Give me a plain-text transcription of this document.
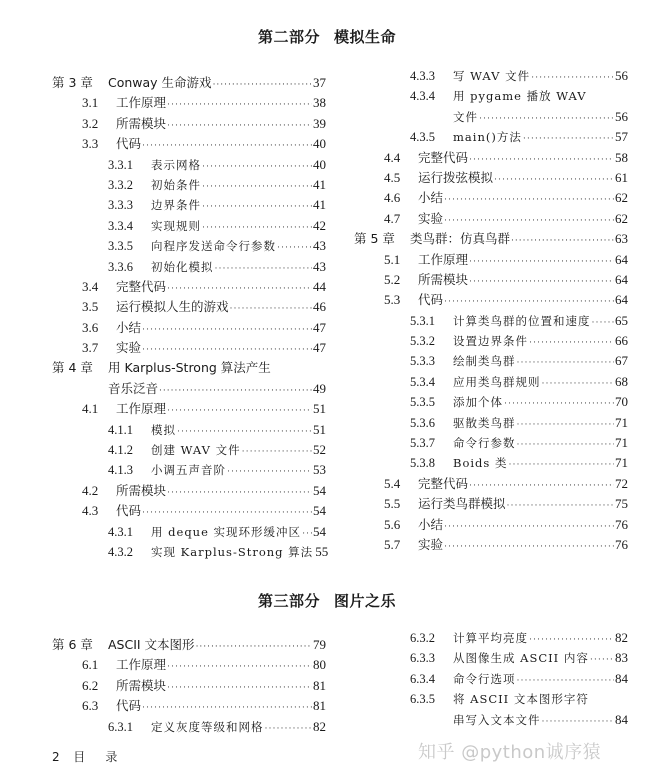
第二部分 模拟生命
第 3 章	Conway 生命游戏 ·····	37
3.1	工作原理 ·····	38
3.2	所需模块 ·····	39
3.3	代码 ·····	40
3.3.1	表示网格 ·····	40
3.3.2	初始条件 ·····	41
3.3.3	边界条件 ·····	41
3.3.4	实现规则 ·····	42
3.3.5	向程序发送命令行参数 ·····	43
3.3.6	初始化模拟 ·····	43
3.4	完整代码 ·····	44
3.5	运行模拟人生的游戏 ·····	46
3.6	小结 ·····	47
3.7	实验 ·····	47
第 4 章	用 Karplus-Strong 算法产生
音乐泛音 ·····	49
4.1	工作原理 ·····	51
4.1.1	模拟 ·····	51
4.1.2	创建 WAV 文件 ·····	52
4.1.3	小调五声音阶 ·····	53
4.2	所需模块 ·····	54
4.3	代码 ·····	54
4.3.1	用 deque 实现环形缓冲区 ····· 54
4.3.2	实现 Karplus-Strong 算法 55
4.3.3	写 WAV 文件 ·····	56
4.3.4	用 pygame 播放 WAV
文件 ·····	56
4.3.5	main()方法 ·····	57
4.4	完整代码 ·····	58
4.5	运行拨弦模拟 ·····	61
4.6	小结 ·····	62
4.7	实验 ·····	62
第 5 章	类鸟群：仿真鸟群 ·····	63
5.1	工作原理 ·····	64
5.2	所需模块 ·····	64
5.3	代码 ·····	64
5.3.1	计算类鸟群的位置和速度 ····· 65
5.3.2	设置边界条件 ·····	66
5.3.3	绘制类鸟群 ·····	67
5.3.4	应用类鸟群规则 ·····	68
5.3.5	添加个体 ·····	70
5.3.6	驱散类鸟群 ·····	71
5.3.7	命令行参数 ·····	71
5.3.8	Boids 类 ·····	71
5.4	完整代码 ·····	72
5.5	运行类鸟群模拟 ·····	75
5.6	小结 ·····	76
5.7	实验 ·····	76
第三部分 图片之乐
第 6 章	ASCII 文本图形 ·····	79
6.1	工作原理 ·····	80
6.2	所需模块 ·····	81
6.3	代码 ·····	81
6.3.1	定义灰度等级和网格 ·····	82
6.3.2	计算平均亮度 ·····	82
6.3.3	从图像生成 ASCII 内容 ····· 83
6.3.4	命令行选项 ·····	84
6.3.5	将 ASCII 文本图形字符
串写入文本文件 ·····	84
2 目 录	知乎 @python诚序猿
